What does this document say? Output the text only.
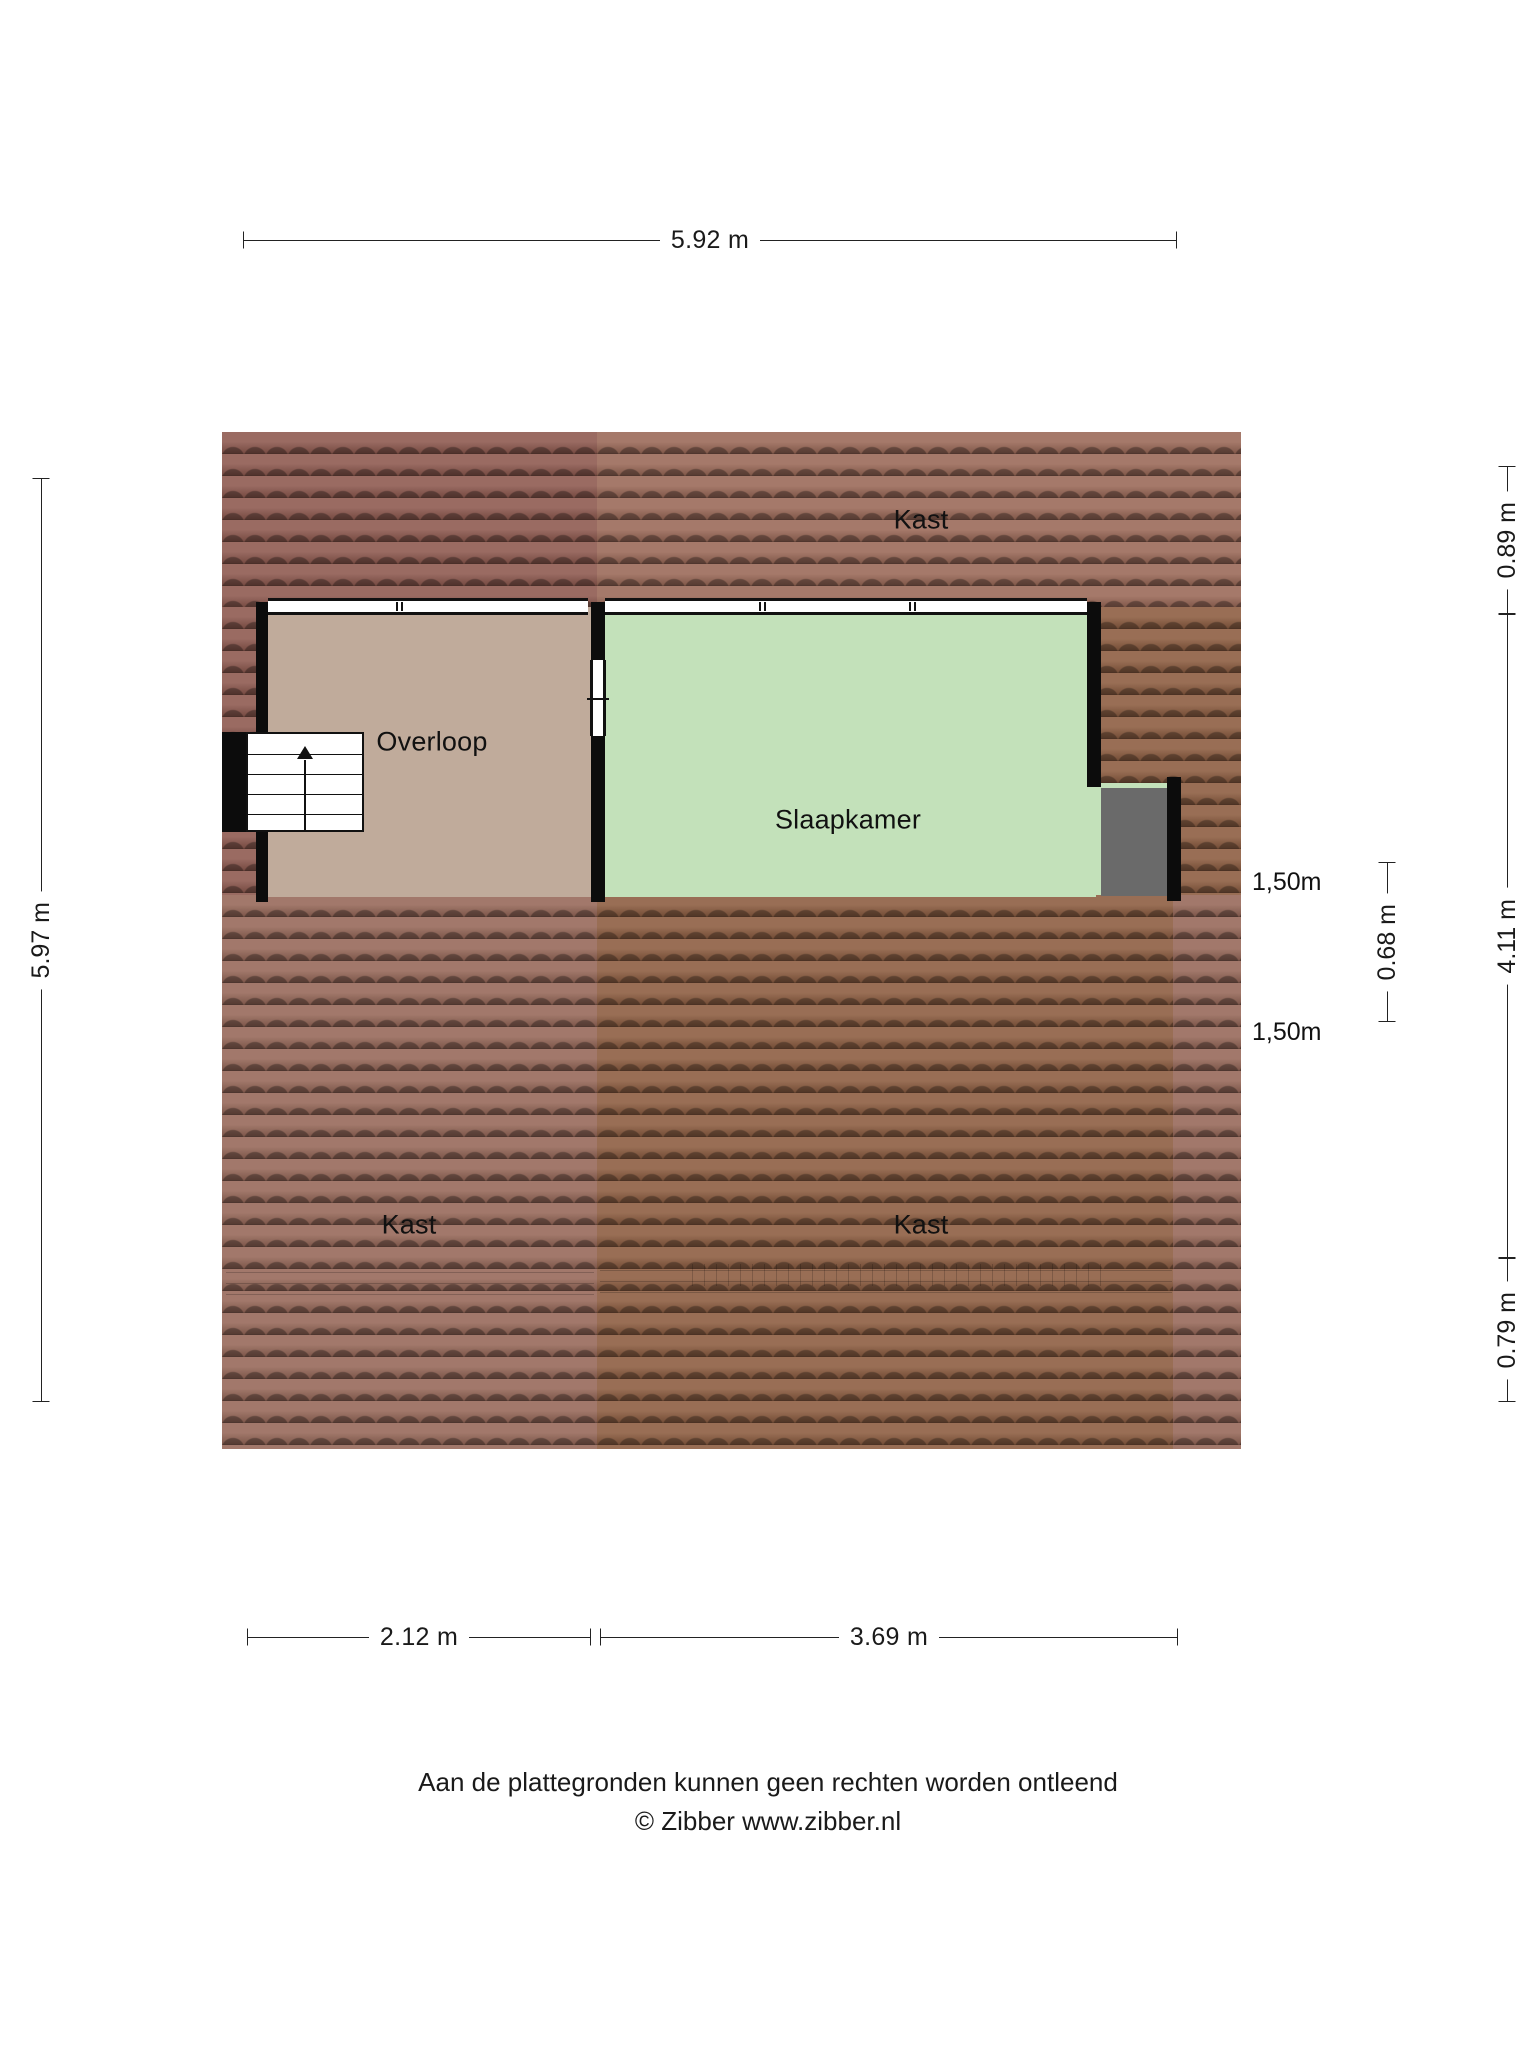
5.92 m
5.97 m
0.89 m
4.11 m
0.79 m
0.68 m
Kast
Overloop
Slaapkamer
Kast	Kast
1,50m
1,50m
2.12 m	3.69 m
Aan de plattegronden kunnen geen rechten worden ontleend
© Zibber www.zibber.nl
